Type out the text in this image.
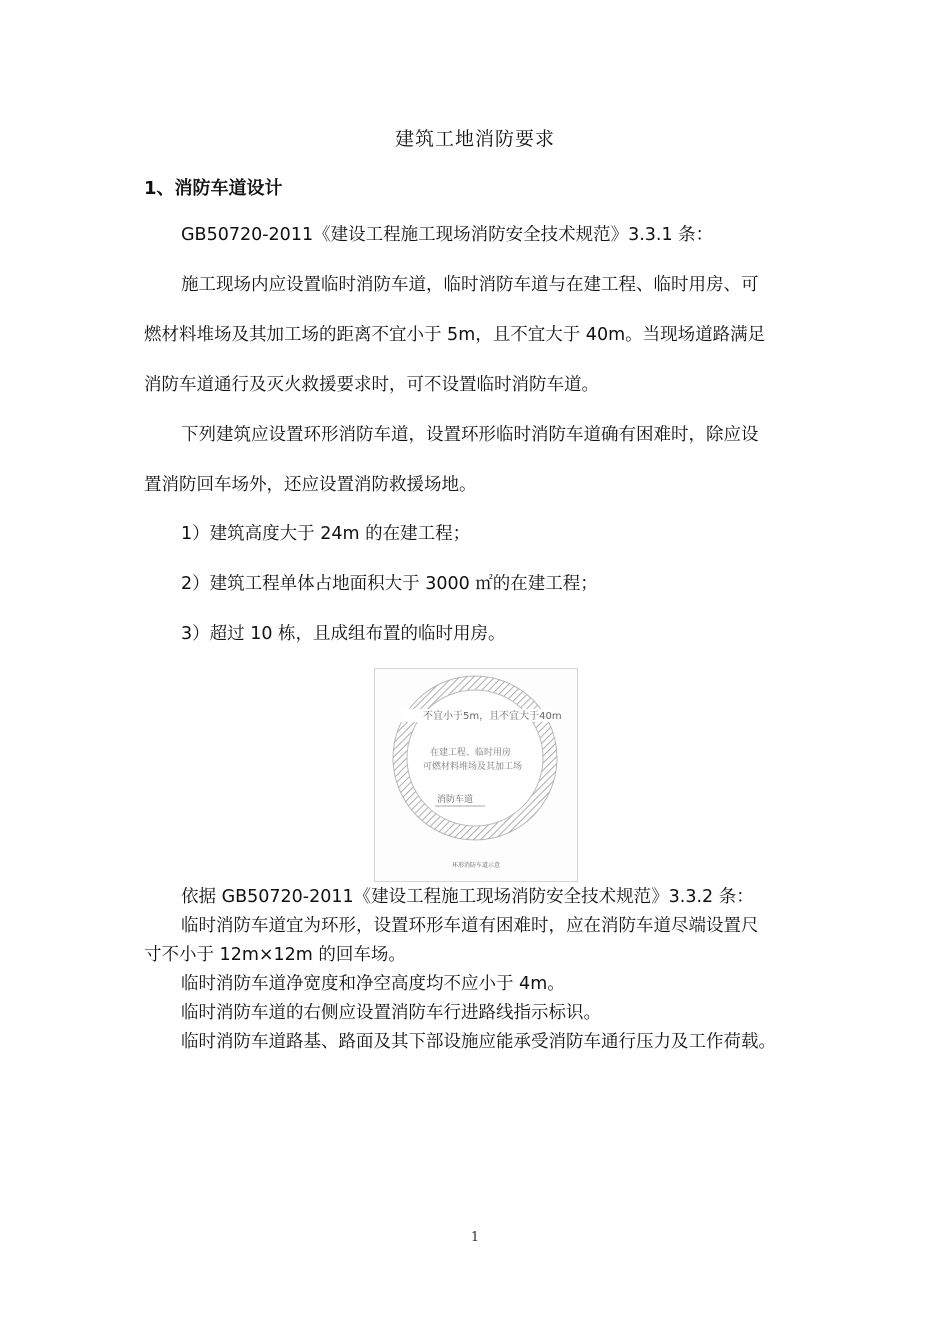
建筑工地消防要求
1、消防车道设计
GB50720-2011《建设工程施工现场消防安全技术规范》3.3.1 条：
施工现场内应设置临时消防车道，临时消防车道与在建工程、临时用房、可
燃材料堆场及其加工场的距离不宜小于 5m，且不宜大于 40m。当现场道路满足
消防车道通行及灭火救援要求时，可不设置临时消防车道。
下列建筑应设置环形消防车道，设置环形临时消防车道确有困难时，除应设
置消防回车场外，还应设置消防救援场地。
1）建筑高度大于 24m 的在建工程；
2）建筑工程单体占地面积大于 3000 ㎡的在建工程；
3）超过 10 栋，且成组布置的临时用房。
不宜小于5m，且不宜大于40m
在建工程、临时用房
可燃材料堆场及其加工场
消防车道
环形消防车道示意
依据 GB50720-2011《建设工程施工现场消防安全技术规范》3.3.2 条：
临时消防车道宜为环形，设置环形车道有困难时，应在消防车道尽端设置尺
寸不小于 12m×12m 的回车场。
临时消防车道净宽度和净空高度均不应小于 4m。
临时消防车道的右侧应设置消防车行进路线指示标识。
临时消防车道路基、路面及其下部设施应能承受消防车通行压力及工作荷载。
1
